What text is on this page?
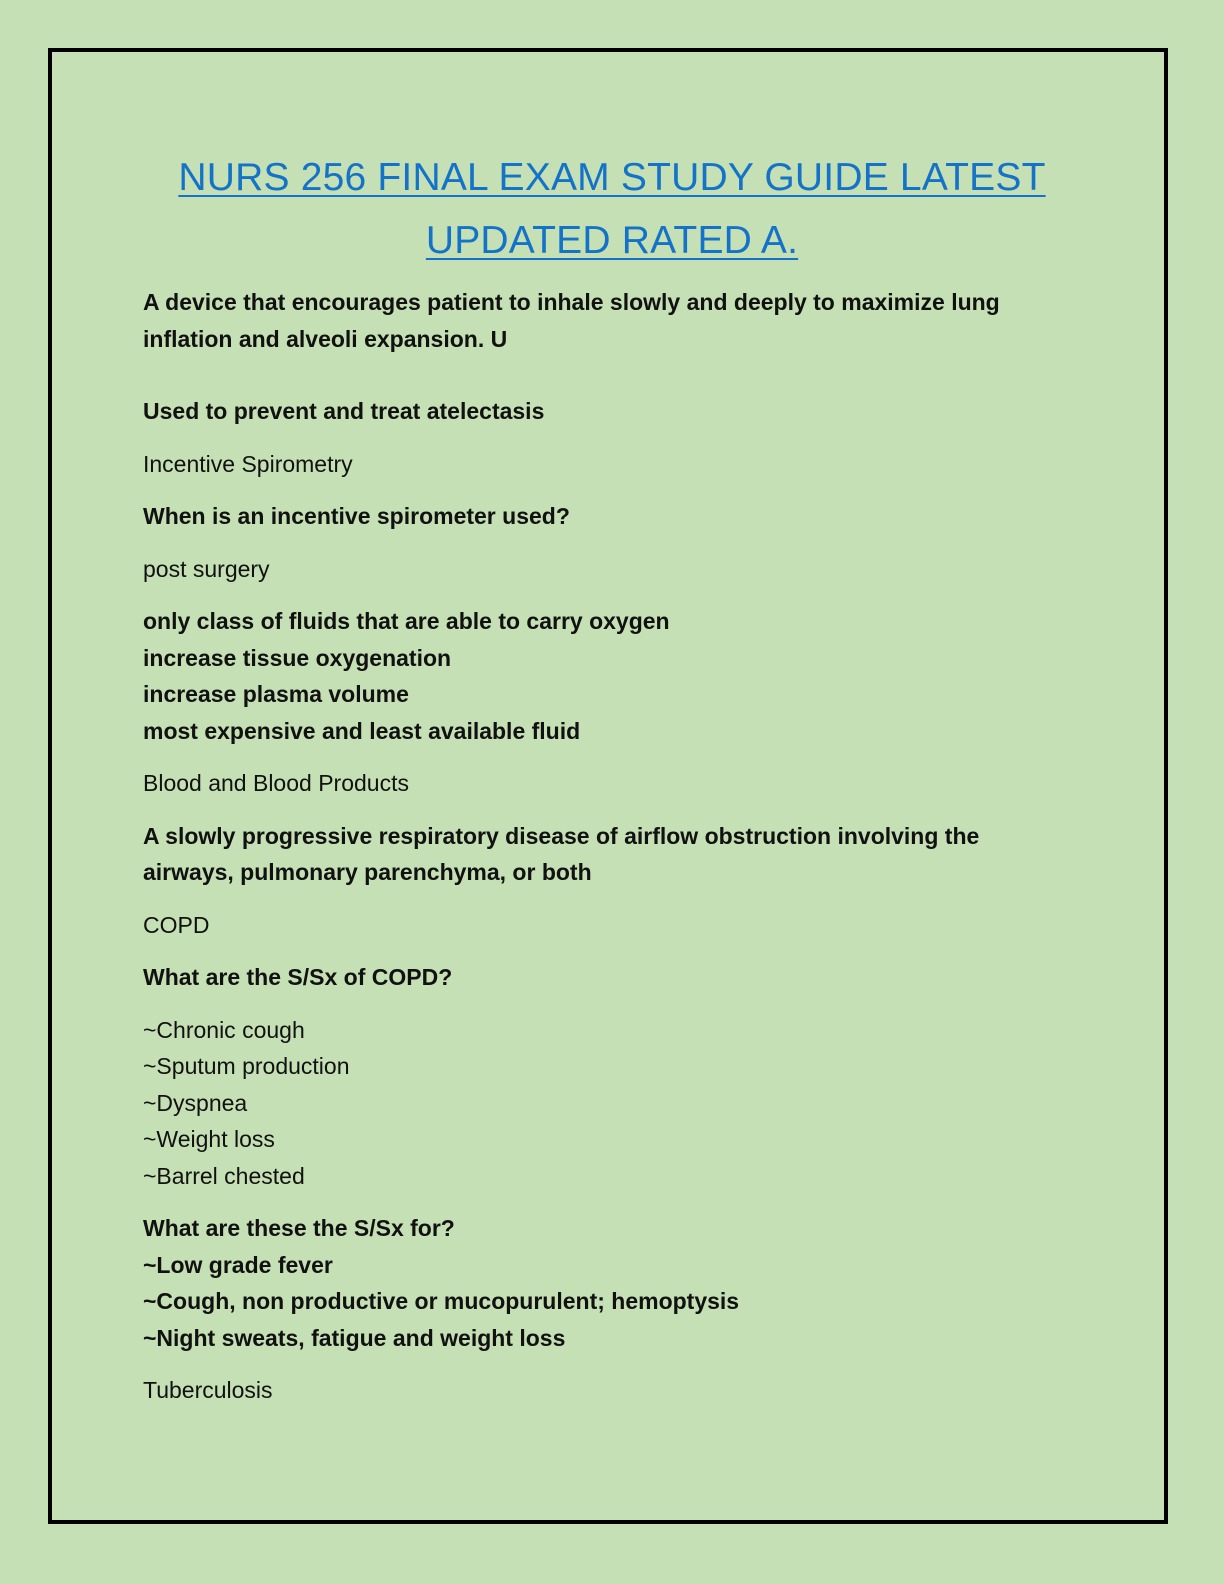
NURS 256 FINAL EXAM STUDY GUIDE LATEST
UPDATED RATED A.

A device that encourages patient to inhale slowly and deeply to maximize lung
inflation and alveoli expansion. U

Used to prevent and treat atelectasis

Incentive Spirometry

When is an incentive spirometer used?

post surgery

only class of fluids that are able to carry oxygen
increase tissue oxygenation
increase plasma volume
most expensive and least available fluid

Blood and Blood Products

A slowly progressive respiratory disease of airflow obstruction involving the
airways, pulmonary parenchyma, or both

COPD

What are the S/Sx of COPD?

~Chronic cough
~Sputum production
~Dyspnea
~Weight loss
~Barrel chested

What are these the S/Sx for?
~Low grade fever
~Cough, non productive or mucopurulent; hemoptysis
~Night sweats, fatigue and weight loss

Tuberculosis
